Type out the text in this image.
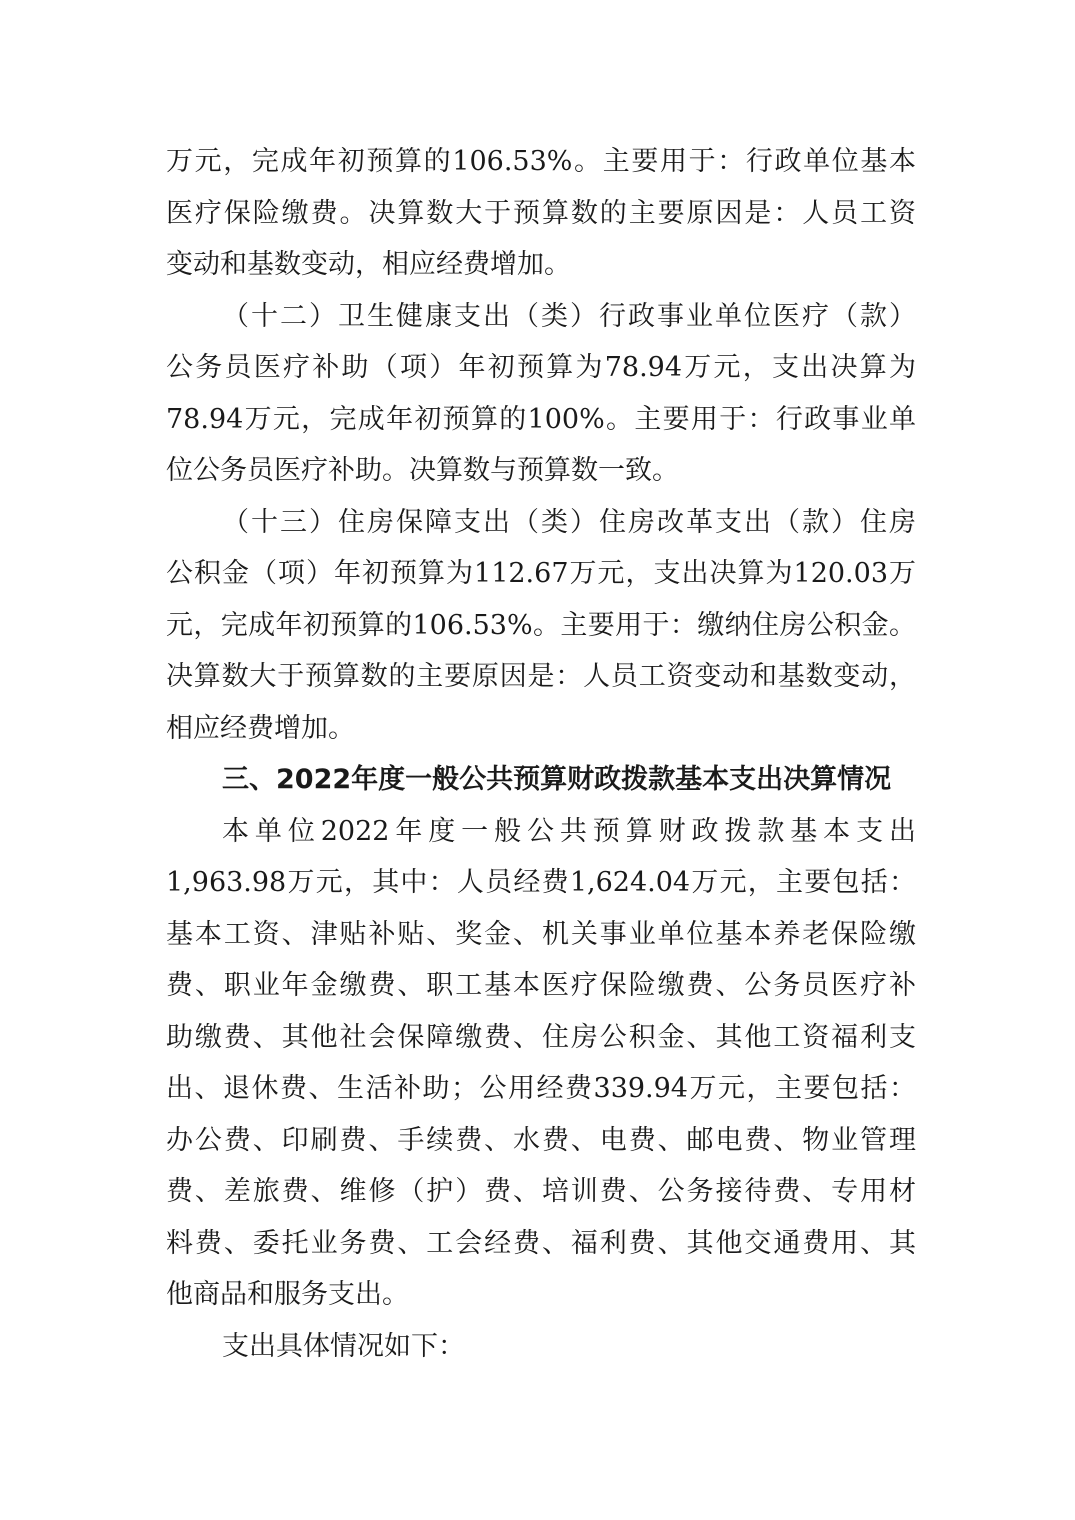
万元，完成年初预算的106.53%。主要用于：行政单位基本
医疗保险缴费。决算数大于预算数的主要原因是：人员工资
变动和基数变动，相应经费增加。
（十二）卫生健康支出（类）行政事业单位医疗（款）
公务员医疗补助（项）年初预算为78.94万元，支出决算为
78.94万元，完成年初预算的100%。主要用于：行政事业单
位公务员医疗补助。决算数与预算数一致。
（十三）住房保障支出（类）住房改革支出（款）住房
公积金（项）年初预算为112.67万元，支出决算为120.03万
元，完成年初预算的106.53%。主要用于：缴纳住房公积金。
决算数大于预算数的主要原因是：人员工资变动和基数变动，
相应经费增加。
三、2022年度一般公共预算财政拨款基本支出决算情况
本单位2022年度一般公共预算财政拨款基本支出
1,963.98万元，其中：人员经费1,624.04万元，主要包括：
基本工资、津贴补贴、奖金、机关事业单位基本养老保险缴
费、职业年金缴费、职工基本医疗保险缴费、公务员医疗补
助缴费、其他社会保障缴费、住房公积金、其他工资福利支
出、退休费、生活补助；公用经费339.94万元，主要包括：
办公费、印刷费、手续费、水费、电费、邮电费、物业管理
费、差旅费、维修（护）费、培训费、公务接待费、专用材
料费、委托业务费、工会经费、福利费、其他交通费用、其
他商品和服务支出。
支出具体情况如下：
